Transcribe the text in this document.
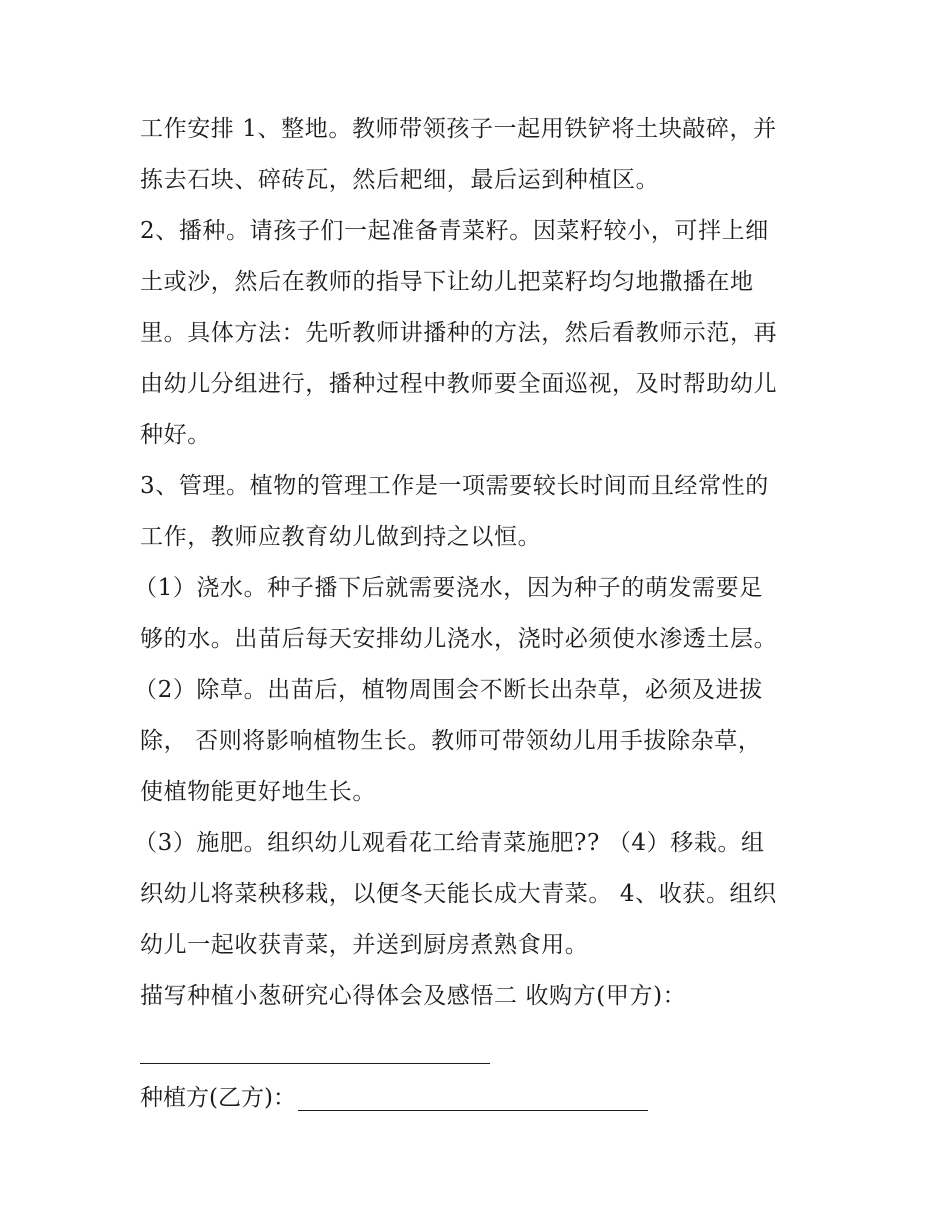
工作安排 1、整地。教师带领孩子一起用铁铲将土块敲碎，并
拣去石块、碎砖瓦，然后耙细，最后运到种植区。
2、播种。请孩子们一起准备青菜籽。因菜籽较小，可拌上细
土或沙，然后在教师的指导下让幼儿把菜籽均匀地撒播在地
里。具体方法：先听教师讲播种的方法，然后看教师示范，再
由幼儿分组进行，播种过程中教师要全面巡视，及时帮助幼儿
种好。
3、管理。植物的管理工作是一项需要较长时间而且经常性的
工作，教师应教育幼儿做到持之以恒。
（1）浇水。种子播下后就需要浇水，因为种子的萌发需要足
够的水。出苗后每天安排幼儿浇水，浇时必须使水渗透土层。
（2）除草。出苗后，植物周围会不断长出杂草，必须及进拔
除， 否则将影响植物生长。教师可带领幼儿用手拔除杂草，
使植物能更好地生长。
（3）施肥。组织幼儿观看花工给青菜施肥?? （4）移栽。组
织幼儿将菜秧移栽，以便冬天能长成大青菜。 4、收获。组织
幼儿一起收获青菜，并送到厨房煮熟食用。
描写种植小葱研究心得体会及感悟二 收购方(甲方)：
种植方(乙方)：
